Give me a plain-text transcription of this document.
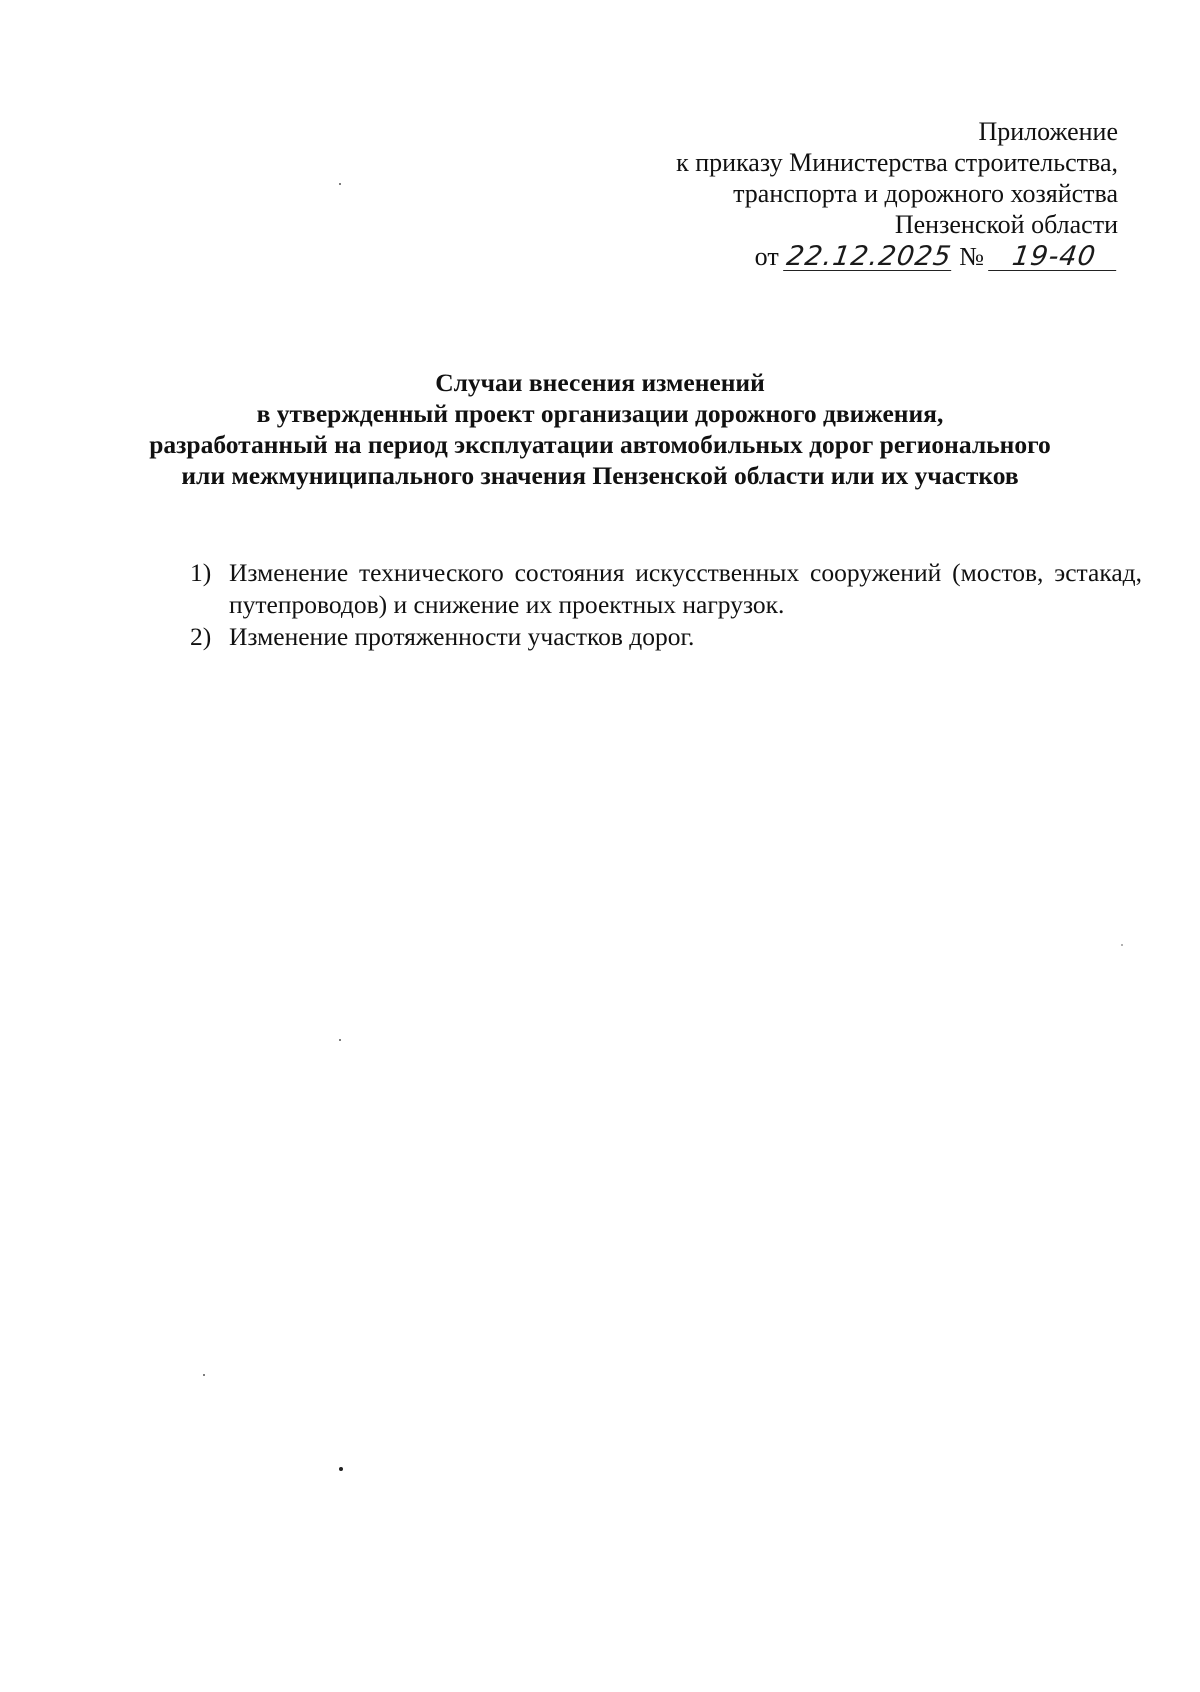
Приложение
к приказу Министерства строительства,
транспорта и дорожного хозяйства
Пензенской области
от 22.12.2025 № 19-40
Случаи внесения изменений
в утвержденный проект организации дорожного движения,
разработанный на период эксплуатации автомобильных дорог регионального
или межмуниципального значения Пензенской области или их участков
1) Изменение технического состояния искусственных сооружений (мостов, эстакад, путепроводов) и снижение их проектных нагрузок.
2) Изменение протяженности участков дорог.
